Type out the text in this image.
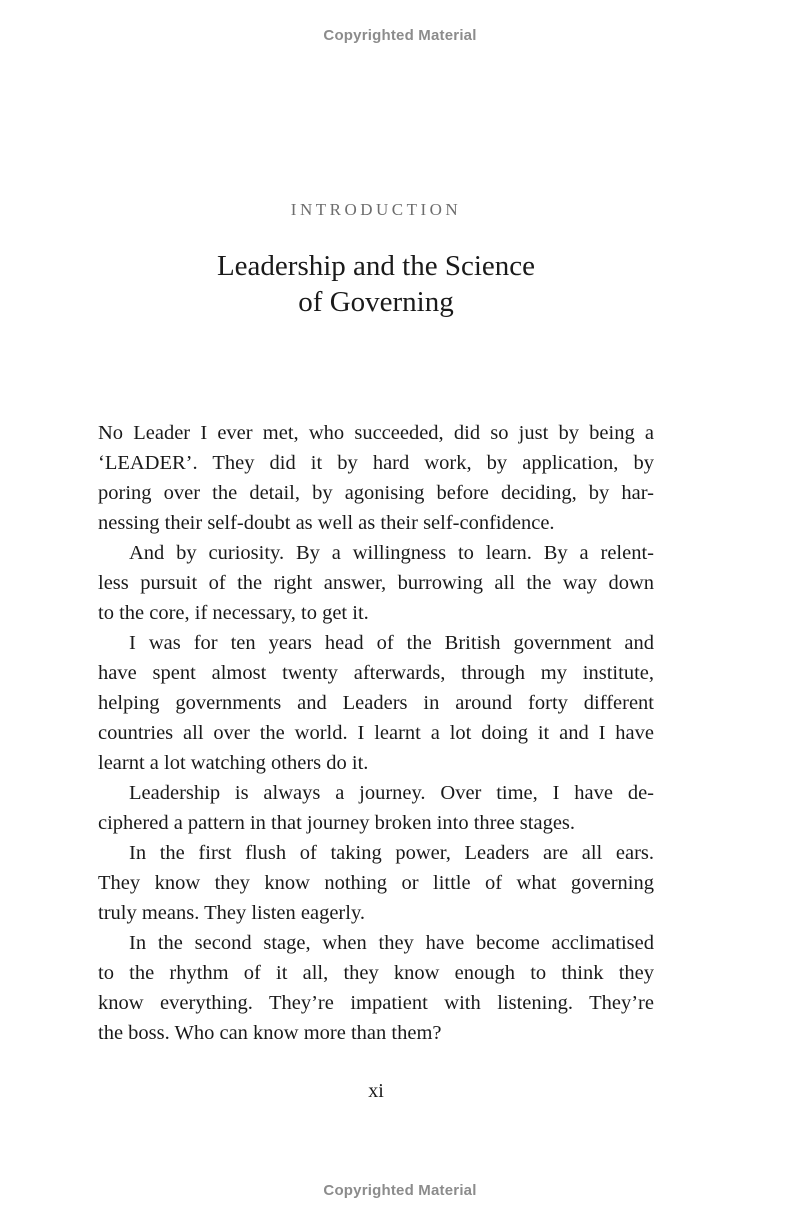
Copyrighted Material
INTRODUCTION
Leadership and the Science
of Governing

No Leader I ever met, who succeeded, did so just by being a
‘LEADER’. They did it by hard work, by application, by
poring over the detail, by agonising before deciding, by har-
nessing their self-doubt as well as their self-confidence.

And by curiosity. By a willingness to learn. By a relent-
less pursuit of the right answer, burrowing all the way down
to the core, if necessary, to get it.

I was for ten years head of the British government and
have spent almost twenty afterwards, through my institute,
helping governments and Leaders in around forty different
countries all over the world. I learnt a lot doing it and I have
learnt a lot watching others do it.

Leadership is always a journey. Over time, I have de-
ciphered a pattern in that journey broken into three stages.

In the first flush of taking power, Leaders are all ears.
They know they know nothing or little of what governing
truly means. They listen eagerly.

In the second stage, when they have become acclimatised
to the rhythm of it all, they know enough to think they
know everything. They’re impatient with listening. They’re
the boss. Who can know more than them?

xi
Copyrighted Material
